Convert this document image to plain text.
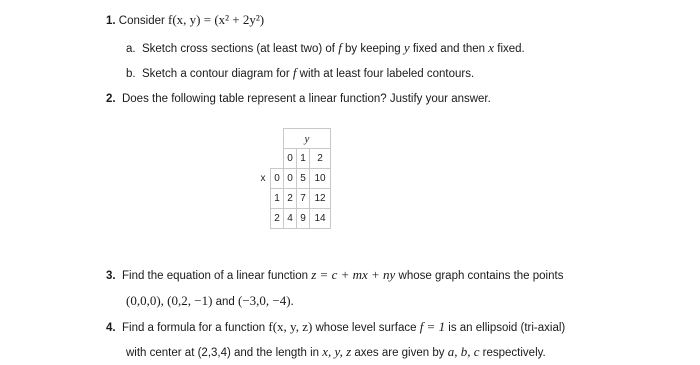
1. Consider f(x, y) = (x² + 2y²)
a. Sketch cross sections (at least two) of f by keeping y fixed and then x fixed.
b. Sketch a contour diagram for f with at least four labeled contours.
2. Does the following table represent a linear function? Justify your answer.
		y		
		0	1	2
x	0	0	5	10
	1	2	7	12
	2	4	9	14
3. Find the equation of a linear function z = c + mx + ny whose graph contains the points
(0,0,0), (0,2, −1) and (−3,0, −4).
4. Find a formula for a function f(x, y, z) whose level surface f = 1 is an ellipsoid (tri-axial)
with center at (2,3,4) and the length in x, y, z axes are given by a, b, c respectively.
